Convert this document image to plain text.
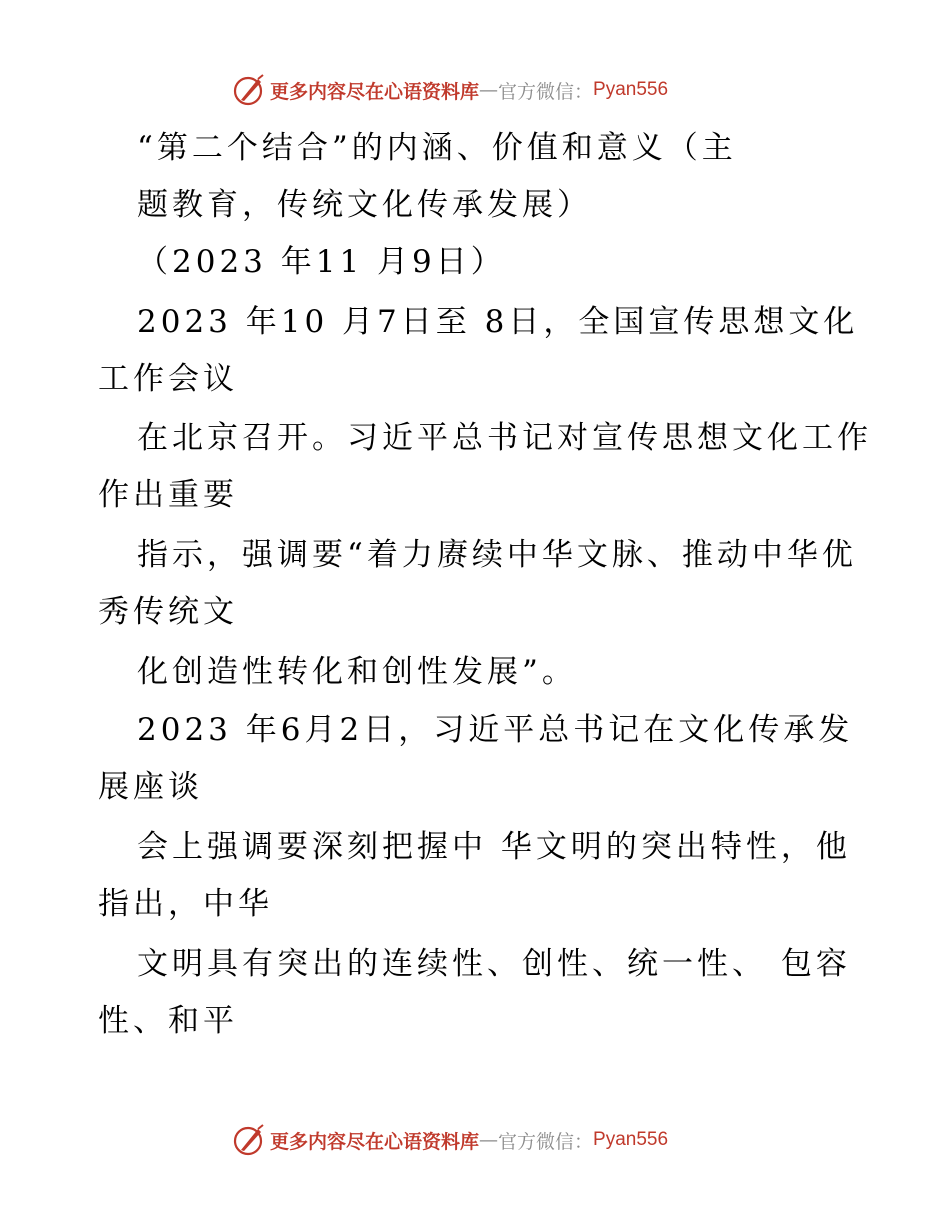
更多内容尽在心语资料库 — 官方微信： Pyan556
“第二个结合”的内涵、价值和意义（主
题教育，传统文化传承发展）
（2023 年11 月9日）
2023 年10 月7日至 8日，全国宣传思想文化
工作会议
在北京召开。习近平总书记对宣传思想文化工作
作出重要
指示，强调要“着力赓续中华文脉、推动中华优
秀传统文
化创造性转化和创性发展”。
2023 年6月2日，习近平总书记在文化传承发
展座谈
会上强调要深刻把握中 华文明的突出特性，他
指出，中华
文明具有突出的连续性、创性、统一性、 包容
性、和平
更多内容尽在心语资料库 — 官方微信： Pyan556
